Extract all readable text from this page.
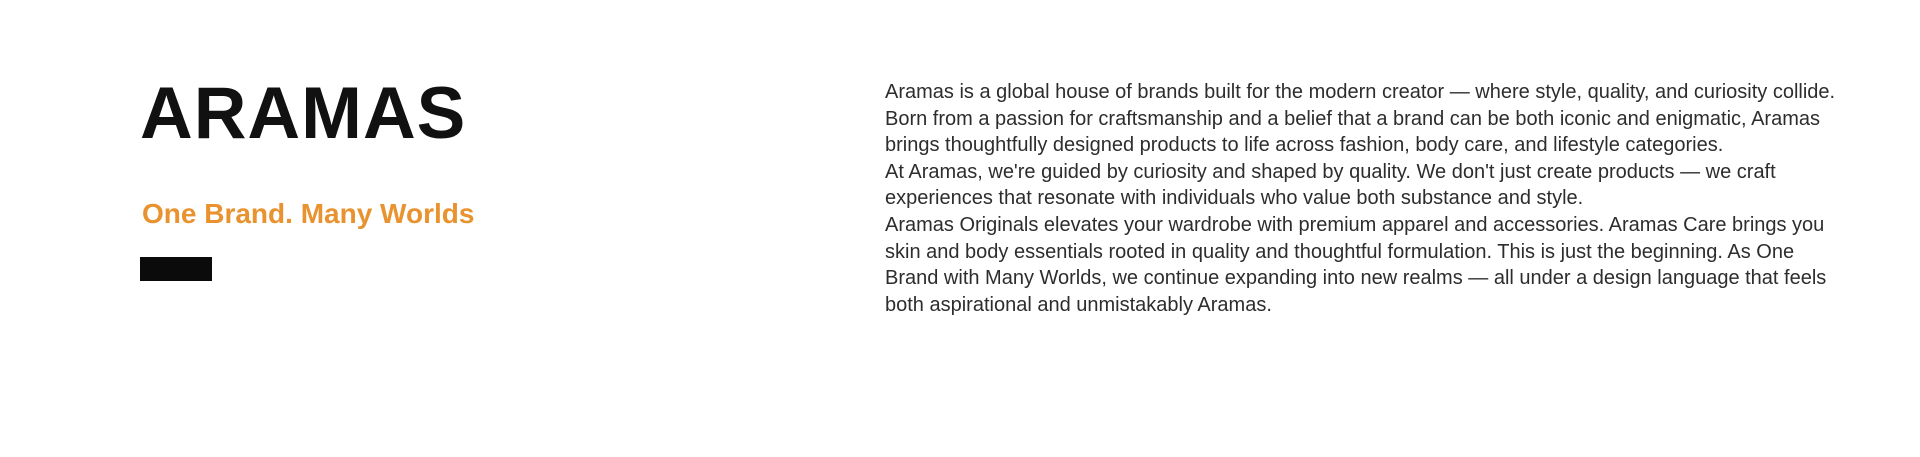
ARAMAS
One Brand. Many Worlds

Aramas is a global house of brands built for the modern creator — where style, quality, and curiosity collide. Born from a passion for craftsmanship and a belief that a brand can be both iconic and enigmatic, Aramas brings thoughtfully designed products to life across fashion, body care, and lifestyle categories.

At Aramas, we're guided by curiosity and shaped by quality. We don't just create products — we craft experiences that resonate with individuals who value both substance and style.

Aramas Originals elevates your wardrobe with premium apparel and accessories. Aramas Care brings you skin and body essentials rooted in quality and thoughtful formulation. This is just the beginning. As One Brand with Many Worlds, we continue expanding into new realms — all under a design language that feels both aspirational and unmistakably Aramas.
